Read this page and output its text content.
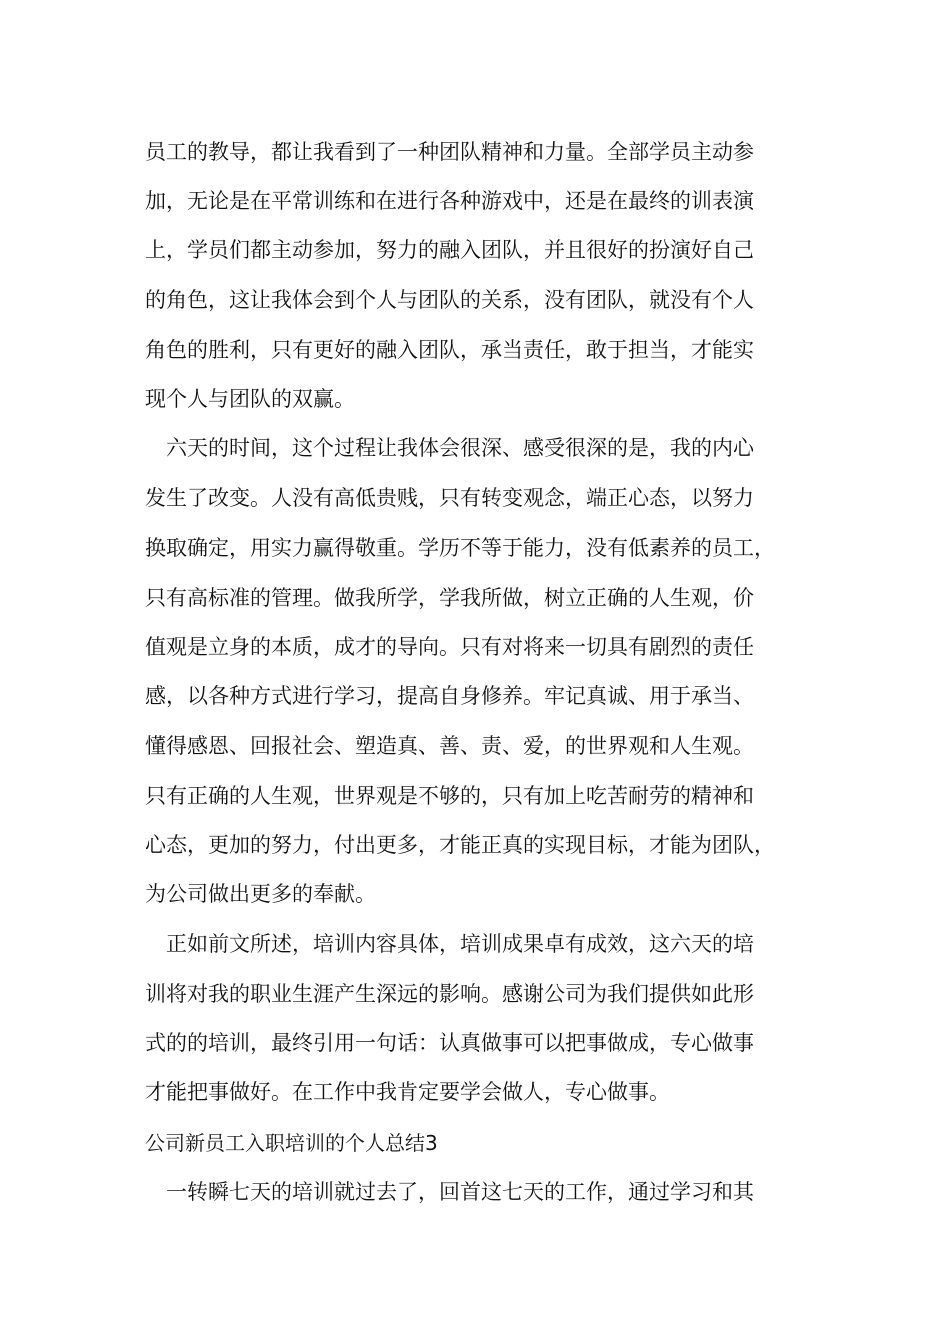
员工的教导，都让我看到了一种团队精神和力量。全部学员主动参
加，无论是在平常训练和在进行各种游戏中，还是在最终的训表演
上，学员们都主动参加，努力的融入团队，并且很好的扮演好自己
的角色，这让我体会到个人与团队的关系，没有团队，就没有个人
角色的胜利，只有更好的融入团队，承当责任，敢于担当，才能实
现个人与团队的双赢。
六天的时间，这个过程让我体会很深、感受很深的是，我的内心
发生了改变。人没有高低贵贱，只有转变观念，端正心态，以努力
换取确定，用实力赢得敬重。学历不等于能力，没有低素养的员工，
只有高标准的管理。做我所学，学我所做，树立正确的人生观，价
值观是立身的本质，成才的导向。只有对将来一切具有剧烈的责任
感，以各种方式进行学习，提高自身修养。牢记真诚、用于承当、
懂得感恩、回报社会、塑造真、善、责、爱，的世界观和人生观。
只有正确的人生观，世界观是不够的，只有加上吃苦耐劳的精神和
心态，更加的努力，付出更多，才能正真的实现目标，才能为团队，
为公司做出更多的奉献。
正如前文所述，培训内容具体，培训成果卓有成效，这六天的培
训将对我的职业生涯产生深远的影响。感谢公司为我们提供如此形
式的的培训，最终引用一句话：认真做事可以把事做成，专心做事
才能把事做好。在工作中我肯定要学会做人，专心做事。
公司新员工入职培训的个人总结3
一转瞬七天的培训就过去了，回首这七天的工作，通过学习和其
